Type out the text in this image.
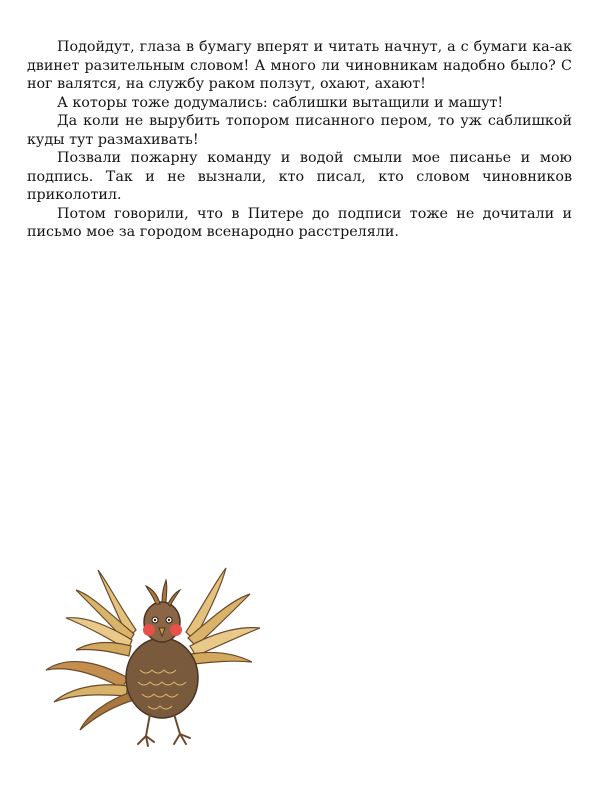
Подойдут, глаза в бумагу вперят и читать начнут, а с бумаги ка-ак двинет разительным словом! А много ли чиновникам надобно было? С ног валятся, на службу раком ползут, охают, ахают!

А которы тоже додумались: саблишки вытащили и машут!

Да коли не вырубить топором писанного пером, то уж саблишкой куды тут размахивать!

Позвали пожарну команду и водой смыли мое писанье и мою подпись. Так и не вызнали, кто писал, кто словом чиновников приколотил.

Потом говорили, что в Питере до подписи тоже не дочитали и письмо мое за городом всенародно расстреляли.
